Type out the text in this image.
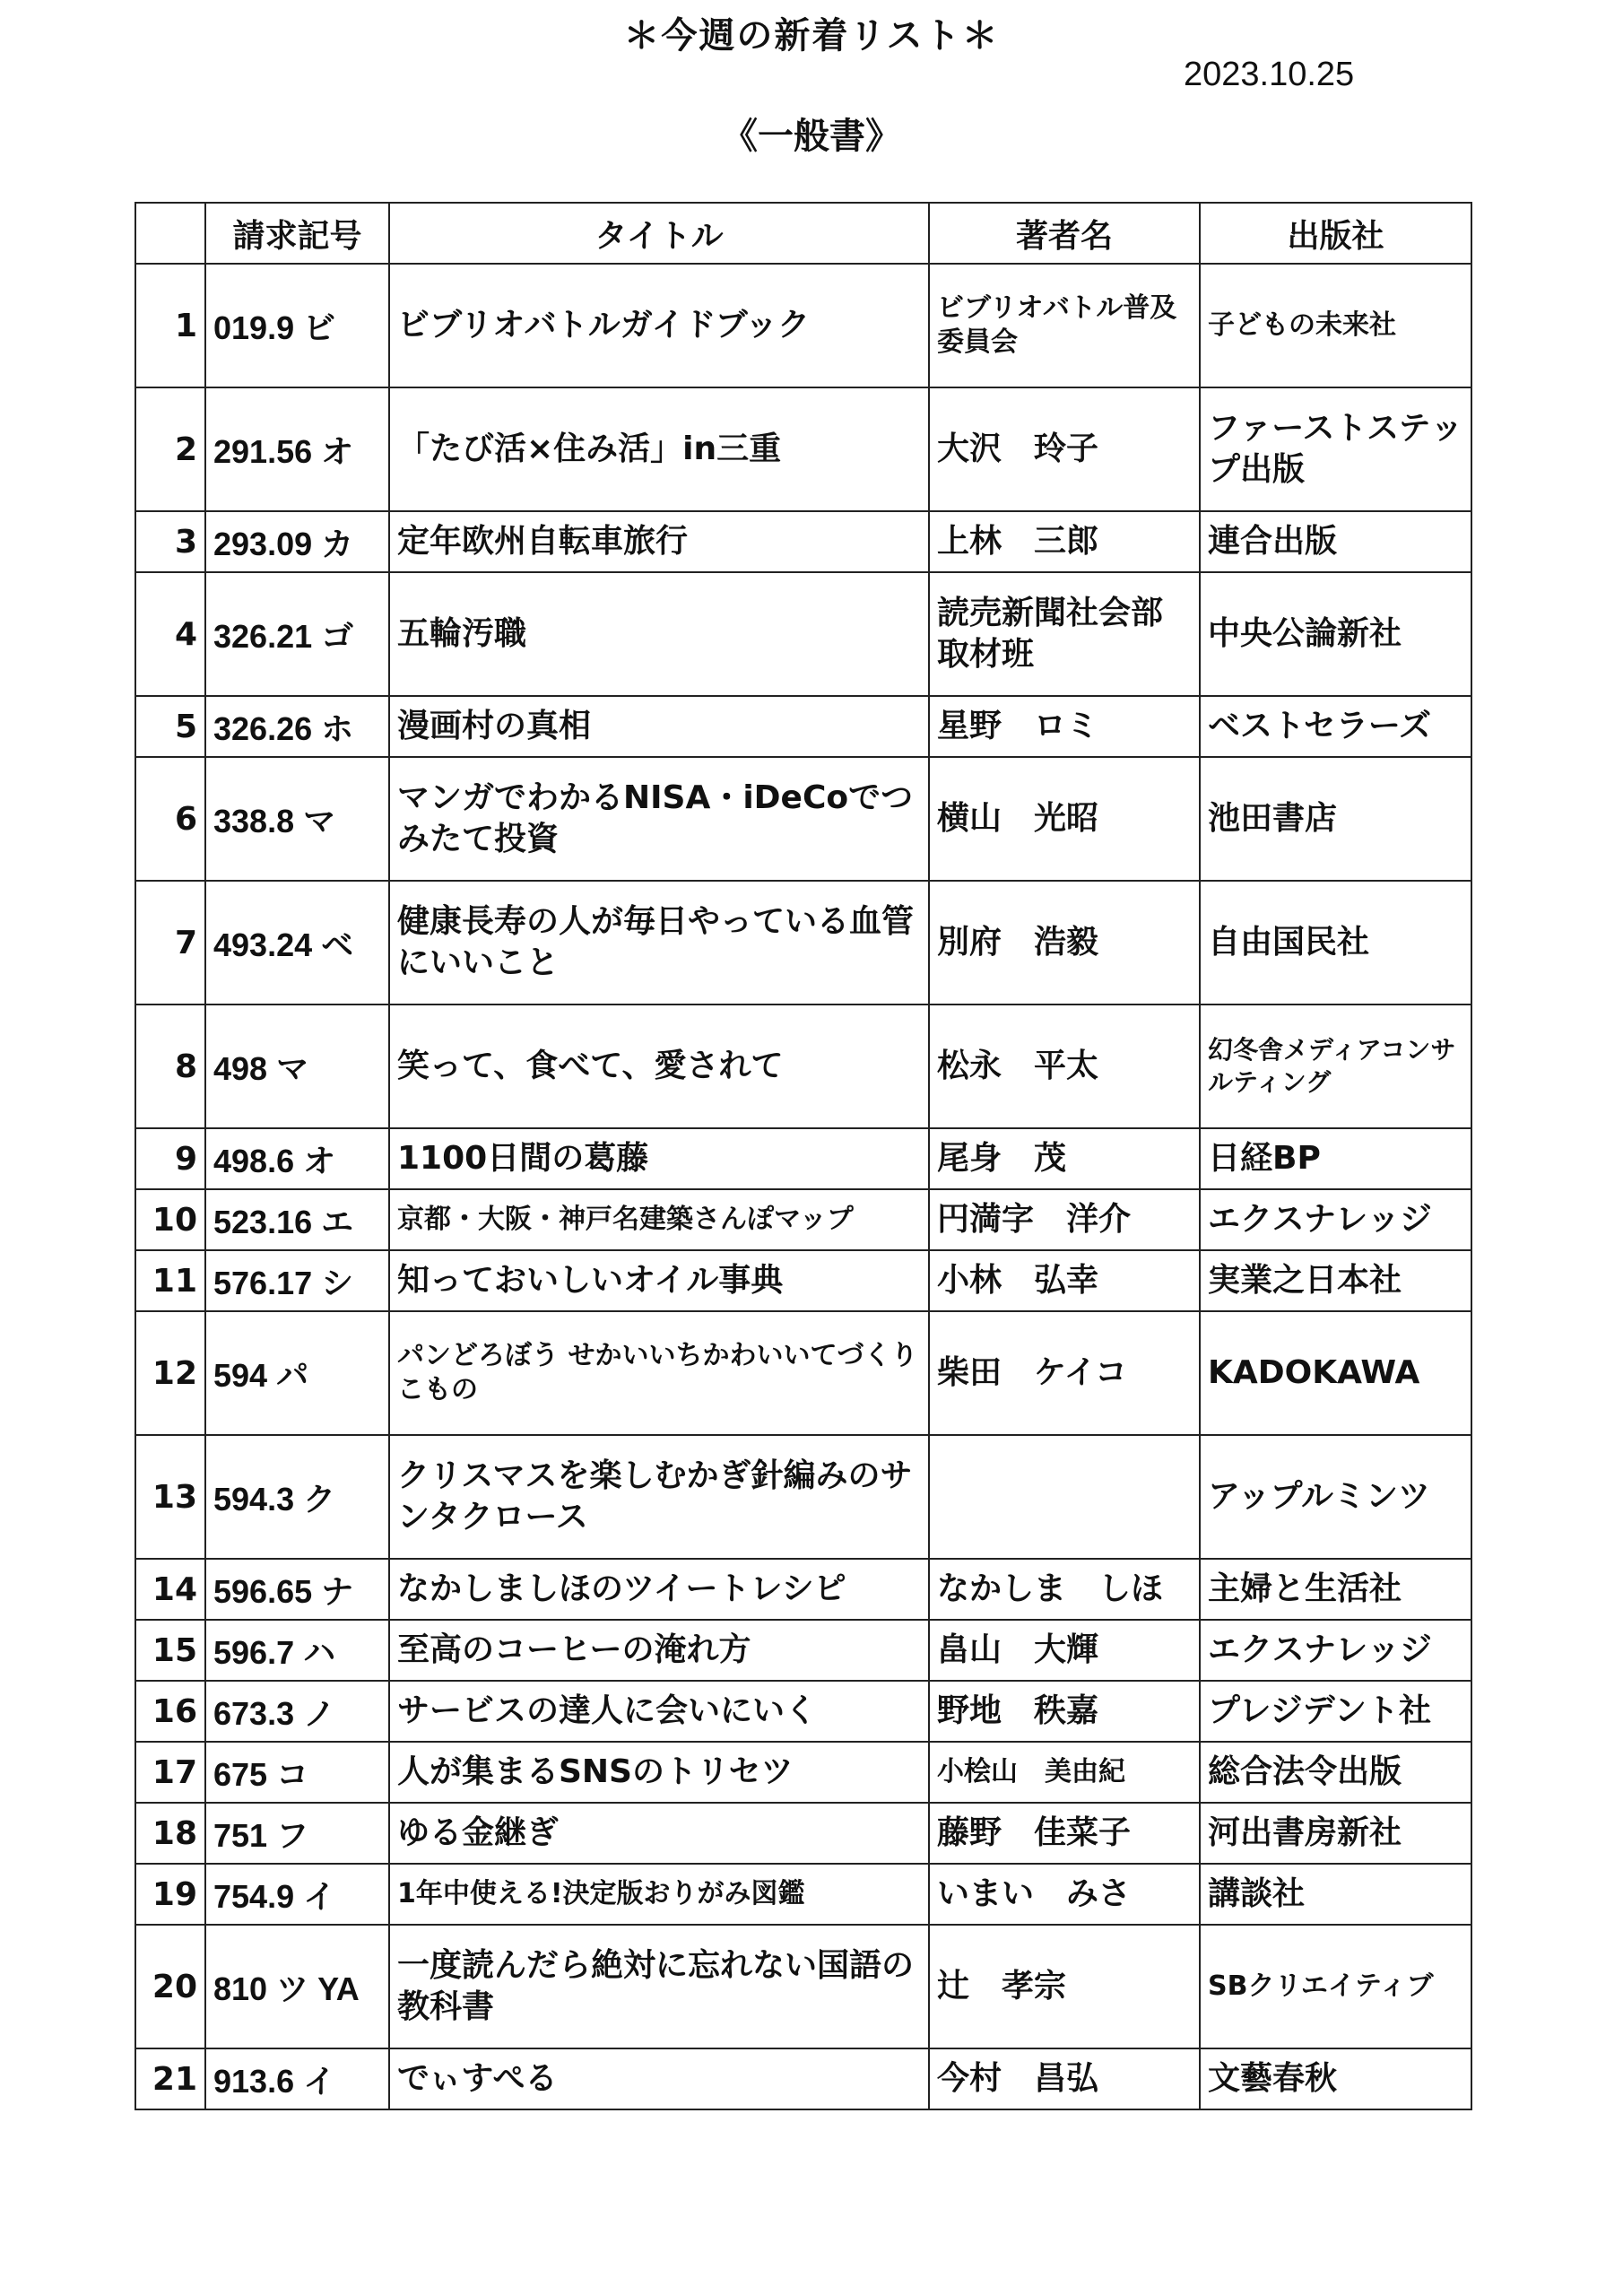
＊今週の新着リスト＊
2023.10.25
《一般書》
	請求記号	タイトル	著者名	出版社
1	019.9 ビ	ビブリオバトルガイドブック	ビブリオバトル普及委員会	子どもの未来社
2	291.56 オ	「たび活×住み活」in三重	大沢　玲子	ファーストステップ出版
3	293.09 カ	定年欧州自転車旅行	上林　三郎	連合出版
4	326.21 ゴ	五輪汚職	読売新聞社会部取材班	中央公論新社
5	326.26 ホ	漫画村の真相	星野　ロミ	ベストセラーズ
6	338.8 マ	マンガでわかるNISA・iDeCoでつみたて投資	横山　光昭	池田書店
7	493.24 ベ	健康長寿の人が毎日やっている血管にいいこと	別府　浩毅	自由国民社
8	498 マ	笑って、食べて、愛されて	松永　平太	幻冬舎メディアコンサルティング
9	498.6 オ	1100日間の葛藤	尾身　茂	日経BP
10	523.16 エ	京都・大阪・神戸名建築さんぽマップ	円満字　洋介	エクスナレッジ
11	576.17 シ	知っておいしいオイル事典	小林　弘幸	実業之日本社
12	594 パ	パンどろぼう せかいいちかわいいてづくりこもの	柴田　ケイコ	KADOKAWA
13	594.3 ク	クリスマスを楽しむかぎ針編みのサンタクロース		アップルミンツ
14	596.65 ナ	なかしましほのツイートレシピ	なかしま　しほ	主婦と生活社
15	596.7 ハ	至高のコーヒーの淹れ方	畠山　大輝	エクスナレッジ
16	673.3 ノ	サービスの達人に会いにいく	野地　秩嘉	プレジデント社
17	675 コ	人が集まるSNSのトリセツ	小桧山　美由紀	総合法令出版
18	751 フ	ゆる金継ぎ	藤野　佳菜子	河出書房新社
19	754.9 イ	1年中使える!決定版おりがみ図鑑	いまい　みさ	講談社
20	810 ツ YA	一度読んだら絶対に忘れない国語の教科書	辻　孝宗	SBクリエイティブ
21	913.6 イ	でぃすぺる	今村　昌弘	文藝春秋
